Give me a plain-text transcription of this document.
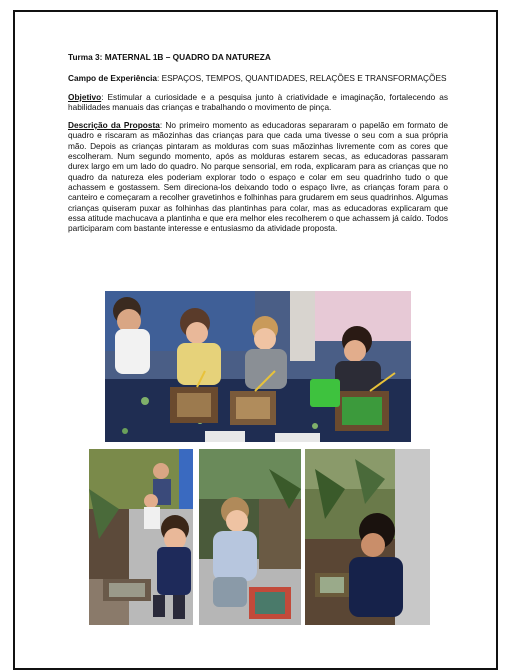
Turma 3: MATERNAL 1B – QUADRO DA NATUREZA

Campo de Experiência: ESPAÇOS, TEMPOS, QUANTIDADES, RELAÇÕES E TRANSFORMAÇÕES

Objetivo: Estimular a curiosidade e a pesquisa junto à criatividade e imaginação, fortalecendo as habilidades manuais das crianças e trabalhando o movimento de pinça.

Descrição da Proposta: No primeiro momento as educadoras separaram o papelão em formato de quadro e riscaram as mãozinhas das crianças para que cada uma tivesse o seu com a sua própria mão. Depois as crianças pintaram as molduras com suas mãozinhas livremente com as cores que escolheram. Num segundo momento, após as molduras estarem secas, as educadoras passaram durex largo em um lado do quadro. No parque sensorial, em roda, explicaram para as crianças que no quadro da natureza eles poderiam explorar todo o espaço e colar em seu quadrinho tudo o que achassem e gostassem. Sem direciona-los deixando todo o espaço livre, as crianças foram para o canteiro e começaram a recolher gravetinhos e folhinhas para grudarem em seus quadrinhos. Algumas crianças quiseram puxar as folhinhas das plantinhas para colar, mas as educadoras explicaram que essa atitude machucava a plantinha e que era melhor eles recolherem o que achassem já caído. Todos participaram com bastante interesse e entusiasmo da atividade proposta.
